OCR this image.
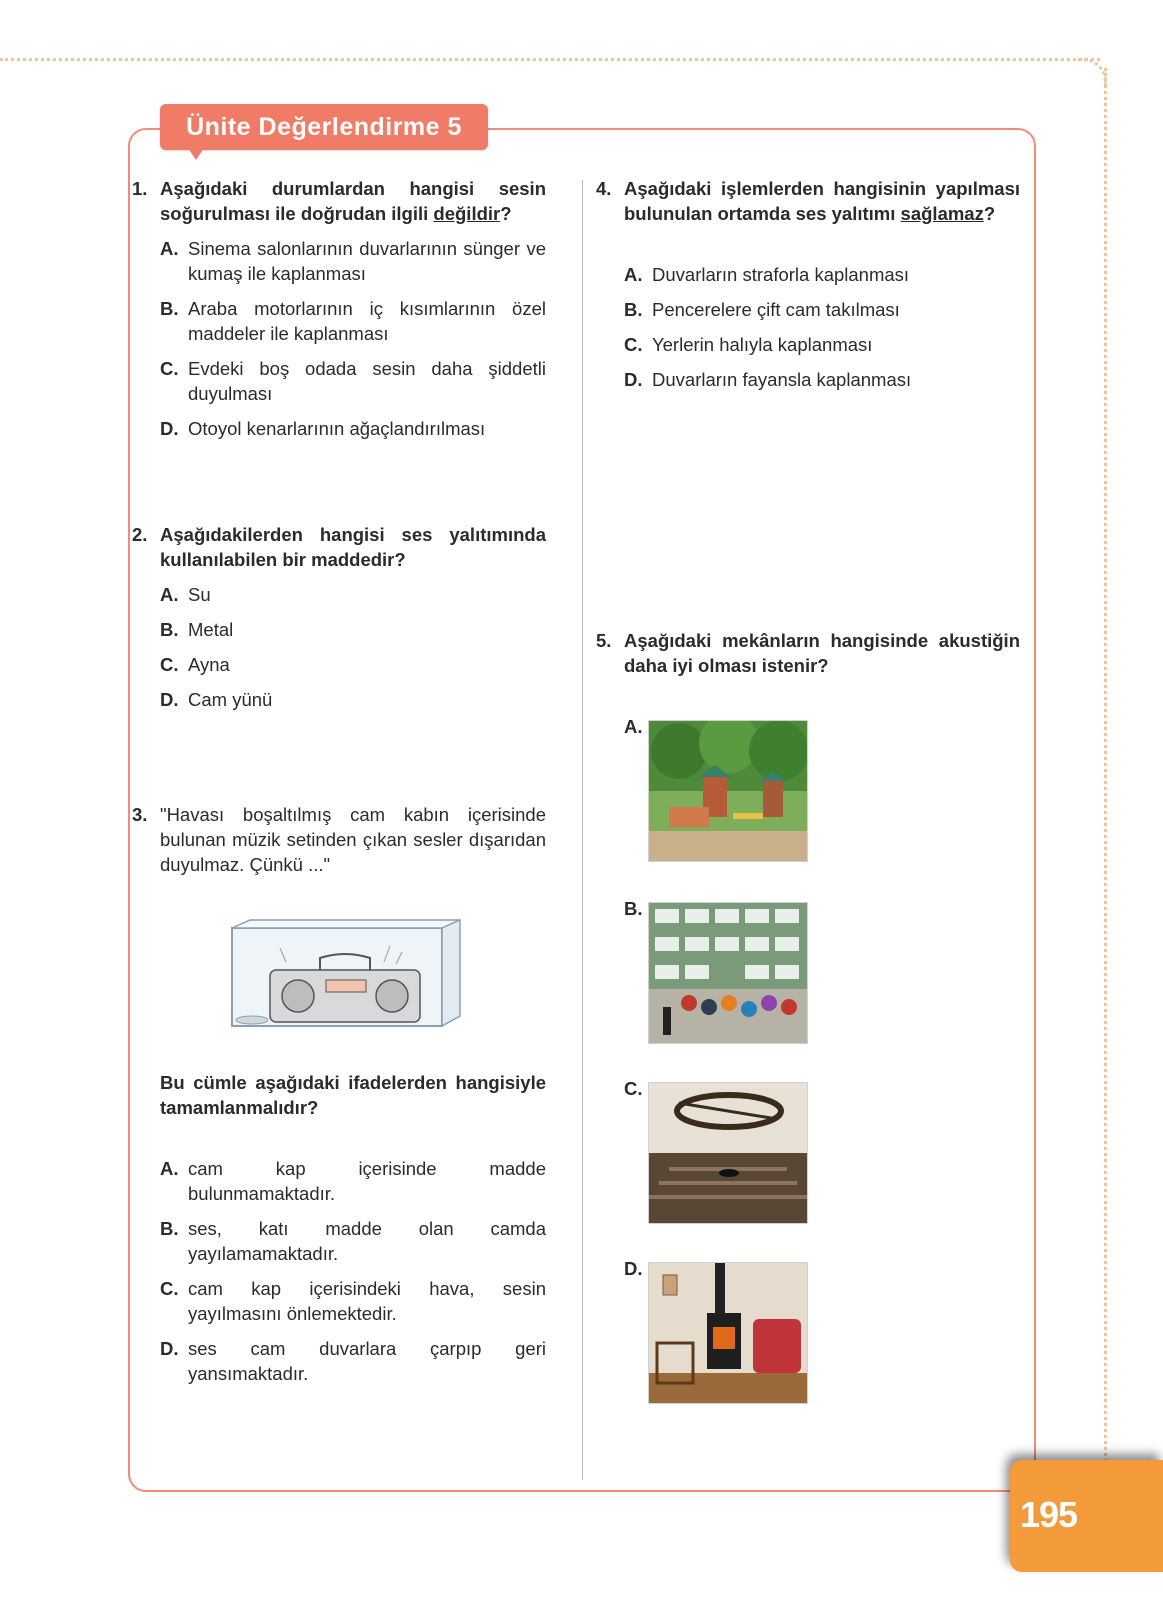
Ünite Değerlendirme 5
1. Aşağıdaki durumlardan hangisi sesin soğurulması ile doğrudan ilgili değildir?
A. Sinema salonlarının duvarlarının sünger ve kumaş ile kaplanması
B. Araba motorlarının iç kısımlarının özel maddeler ile kaplanması
C. Evdeki boş odada sesin daha şiddetli duyulması
D. Otoyol kenarlarının ağaçlandırılması
2. Aşağıdakilerden hangisi ses yalıtımında kullanılabilen bir maddedir?
A. Su
B. Metal
C. Ayna
D. Cam yünü
3. "Havası boşaltılmış cam kabın içerisinde bulunan müzik setinden çıkan sesler dışarıdan duyulmaz. Çünkü ..."
Bu cümle aşağıdaki ifadelerden hangisiyle tamamlanmalıdır?
A. cam kap içerisinde madde bulunmamaktadır.
B. ses, katı madde olan camda yayılamamaktadır.
C. cam kap içerisindeki hava, sesin yayılmasını önlemektedir.
D. ses cam duvarlara çarpıp geri yansımaktadır.
4. Aşağıdaki işlemlerden hangisinin yapılması bulunulan ortamda ses yalıtımı sağlamaz?
A. Duvarların straforla kaplanması
B. Pencerelere çift cam takılması
C. Yerlerin halıyla kaplanması
D. Duvarların fayansla kaplanması
5. Aşağıdaki mekânların hangisinde akustiğin daha iyi olması istenir?
A.
B.
C.
D.
195
